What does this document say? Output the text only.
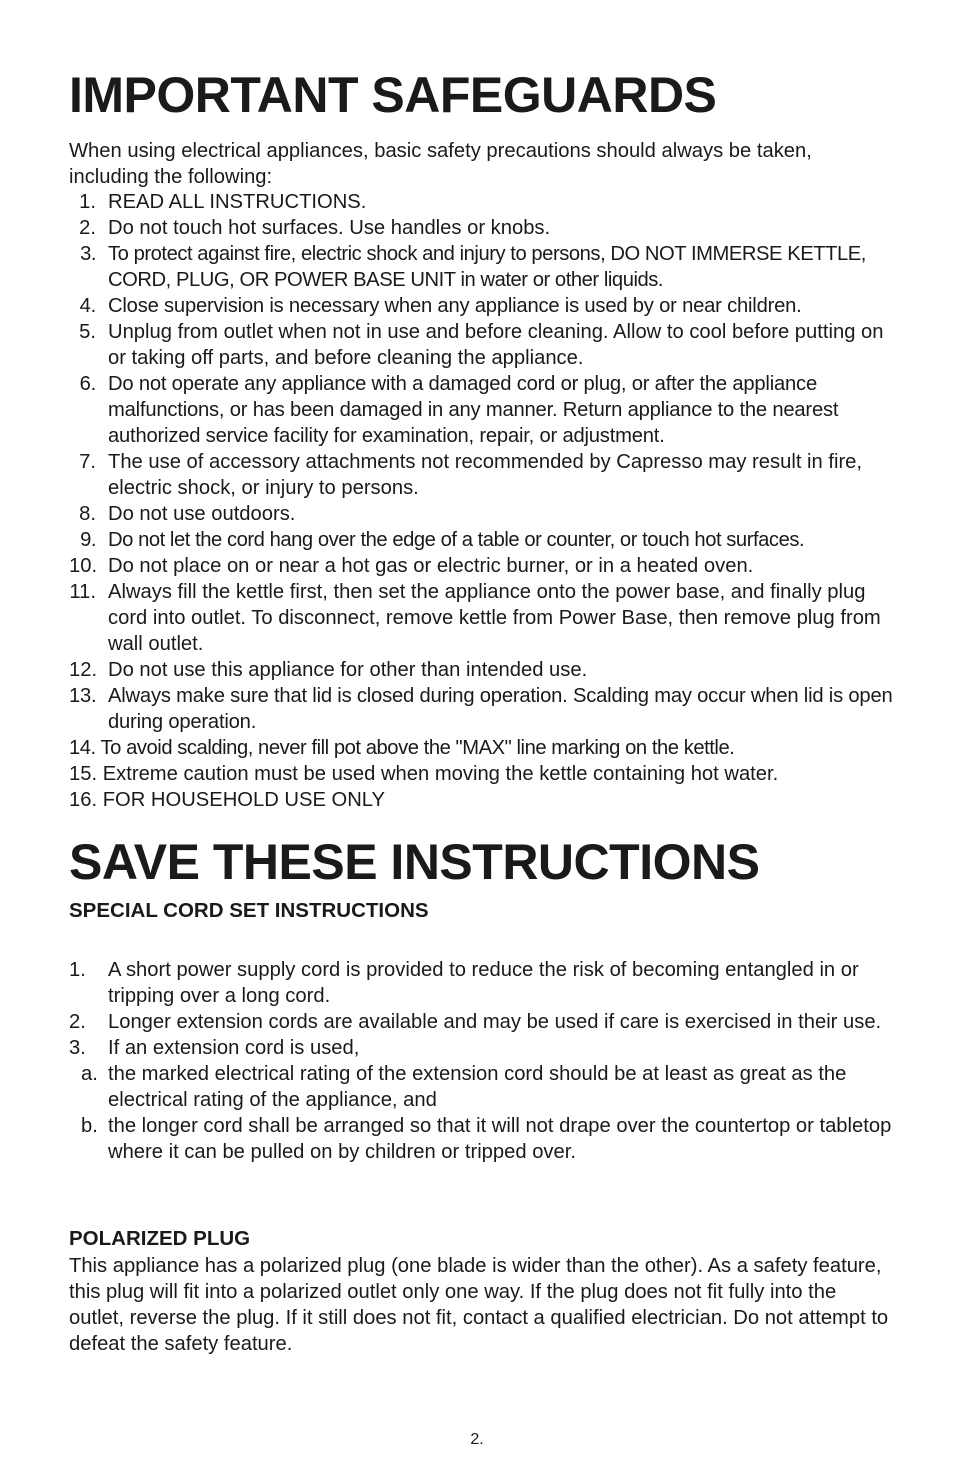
IMPORTANT SAFEGUARDS

When using electrical appliances, basic safety precautions should always be taken, including the following:

1. READ ALL INSTRUCTIONS.
2. Do not touch hot surfaces. Use handles or knobs.
3. To protect against fire, electric shock and injury to persons, DO NOT IMMERSE KETTLE, CORD, PLUG, OR POWER BASE UNIT in water or other liquids.
4. Close supervision is necessary when any appliance is used by or near children.
5. Unplug from outlet when not in use and before cleaning. Allow to cool before putting on or taking off parts, and before cleaning the appliance.
6. Do not operate any appliance with a damaged cord or plug, or after the appliance malfunctions, or has been damaged in any manner. Return appliance to the nearest authorized service facility for examination, repair, or adjustment.
7. The use of accessory attachments not recommended by Capresso may result in fire, electric shock, or injury to persons.
8. Do not use outdoors.
9. Do not let the cord hang over the edge of a table or counter, or touch hot surfaces.
10. Do not place on or near a hot gas or electric burner, or in a heated oven.
11. Always fill the kettle first, then set the appliance onto the power base, and finally plug cord into outlet. To disconnect, remove kettle from Power Base, then remove plug from wall outlet.
12. Do not use this appliance for other than intended use.
13. Always make sure that lid is closed during operation. Scalding may occur when lid is open during operation.
14. To avoid scalding, never fill pot above the "MAX" line marking on the kettle.
15. Extreme caution must be used when moving the kettle containing hot water.
16. FOR HOUSEHOLD USE ONLY
SAVE THESE INSTRUCTIONS
SPECIAL CORD SET INSTRUCTIONS
1. A short power supply cord is provided to reduce the risk of becoming entangled in or tripping over a long cord.
2. Longer extension cords are available and may be used if care is exercised in their use.
3. If an extension cord is used,
a. the marked electrical rating of the extension cord should be at least as great as the electrical rating of the appliance, and
b. the longer cord shall be arranged so that it will not drape over the countertop or tabletop where it can be pulled on by children or tripped over.
POLARIZED PLUG

This appliance has a polarized plug (one blade is wider than the other). As a safety feature, this plug will fit into a polarized outlet only one way. If the plug does not fit fully into the outlet, reverse the plug. If it still does not fit, contact a qualified electrician. Do not attempt to defeat the safety feature.

2.
